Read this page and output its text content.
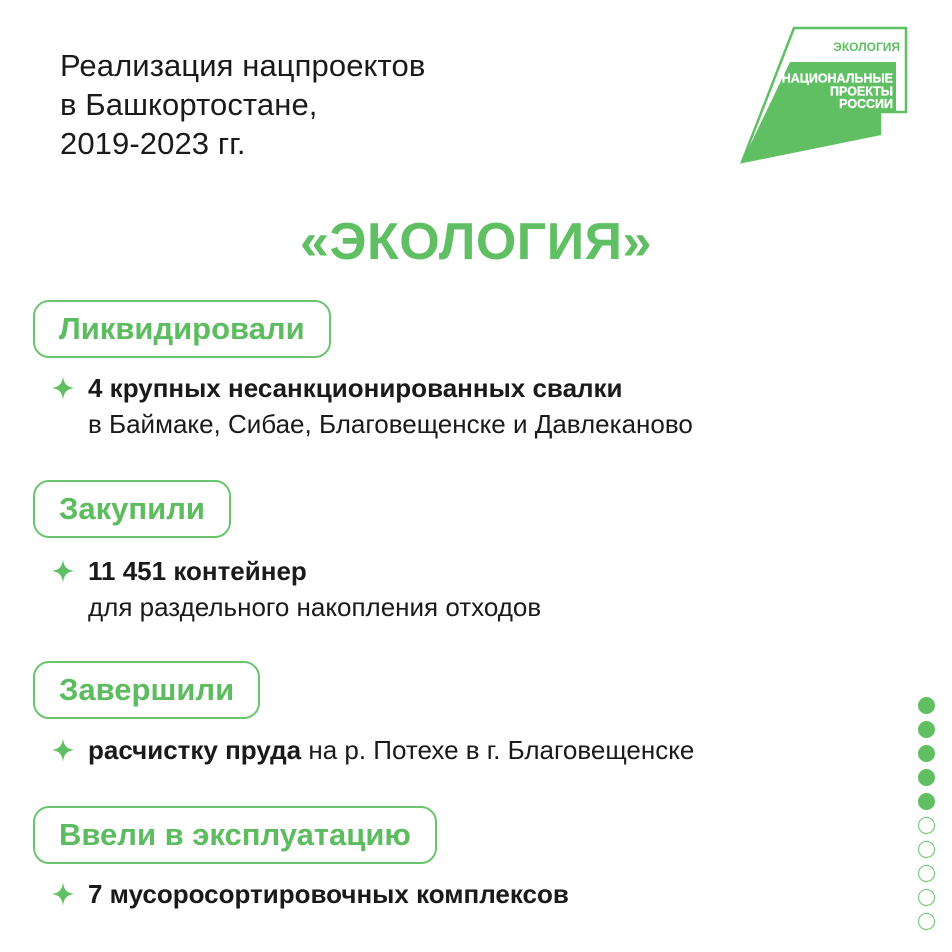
Реализация нацпроектов
в Башкортостане,
2019-2023 гг.
ЭКОЛОГИЯ
НАЦИОНАЛЬНЫЕ
ПРОЕКТЫ
РОССИИ
«ЭКОЛОГИЯ»
Ликвидировали
4 крупных несанкционированных свалки
в Баймаке, Сибае, Благовещенске и Давлеканово
Закупили
11 451 контейнер
для раздельного накопления отходов
Завершили
расчистку пруда на р. Потехе в г. Благовещенске
Ввели в эксплуатацию
7 мусоросортировочных комплексов
